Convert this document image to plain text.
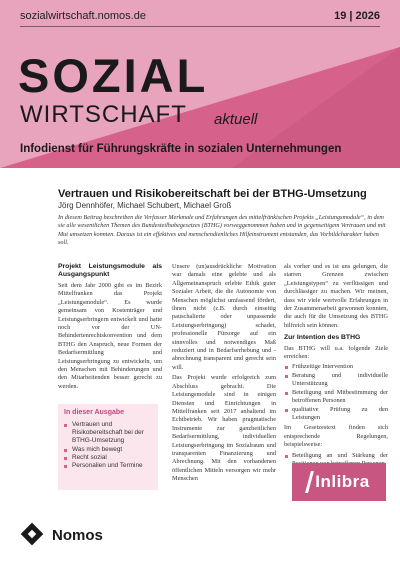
sozialwirtschaft.nomos.de	19 | 2026
SOZIAL
WIRTSCHAFT aktuell
Infodienst für Führungskräfte in sozialen Unternehmungen
Vertrauen und Risikobereitschaft bei der BTHG-Umsetzung
Jörg Dennhöfer, Michael Schubert, Michael Groß
In diesem Beitrag beschreiben die Verfasser Merkmale und Erfahrungen des mittelfränkischen Projekts „Leistungsmodule“, in dem sie alle wesentlichen Themen des Bundesteilhabegesetzes (BTHG) vorweggenommen haben und in gegenseitigem Vertrauen und mit Mut umsetzen konnten. Daraus ist ein effektives und menschendienliches Hilfeinstrument entstanden, das Vorbildcharakter haben soll.
Projekt Leistungsmodule als Ausgangspunkt

Seit dem Jahr 2000 gibt es im Bezirk Mittelfranken das Projekt „Leistungsmodule“. Es wurde gemeinsam von Kostenträger und Leistungserbringern entwickelt und hatte noch vor der UN-Behindertenrechtskonvention und dem BTHG den Anspruch, neue Formen der Bedarfsermittlung und Leistungserbringung zu entwickeln, um den Menschen mit Behinderungen und den Mitarbeitenden besser gerecht zu werden.

Unsere (un)ausdrückliche Motivation war damals eine gelebte und als Allgemeinanspruch erlebte Ethik guter Sozialer Arbeit, die die Autonomie von Menschen möglichst umfassend fördert, ihnen nicht (z.B. durch einseitig pauschalierte oder unpassende Leistungserbringung) schadet, professionelle Fürsorge auf ein sinnvolles und notwendiges Maß reduziert und in Bedarfserhebung und -abrechnung transparent und gerecht sein will.

Das Projekt wurde erfolgreich zum Abschluss gebracht. Die Leistungsmodule sind in einigen Diensten und Einrichtungen in Mittelfranken seit 2017 anhaltend im Echtbetrieb. Wir haben pragmatische Instrumente zur ganzheitlichen Bedarfsermittlung, individuellen Leistungserbringung im Sozialraum und transparenten Finanzierung und Abrechnung. Mit den vorhandenen öffentlichen Mitteln versorgen wir mehr Menschen

als vorher und es ist uns gelungen, die starren Grenzen zwischen „Leistungstypen“ zu verflüssigen und durchlässiger zu machen. Wir meinen, dass wir viele wertvolle Erfahrungen in der Zusammenarbeit gewonnen konnten, die auch für die Umsetzung des BTHG hilfreich sein können.

Zur Intention des BTHG

Das BTHG will u.a. folgende Ziele erreichen:

Frühzeitige Intervention
Beratung und individuelle Unterstützung
Beteiligung und Mitbestimmung der betroffenen Personen
qualitative Prüfung zu den Leistungen

Im Gesetzestext finden sich entsprechende Regelungen, beispielsweise:

Beteiligung an und Stärkung der
In dieser Ausgabe
Vertrauen und Risikobereitschaft bei der BTHG-Umsetzung
Was mich bewegt
Recht sozial
Personalien und Termine
Inlibra
Nomos
